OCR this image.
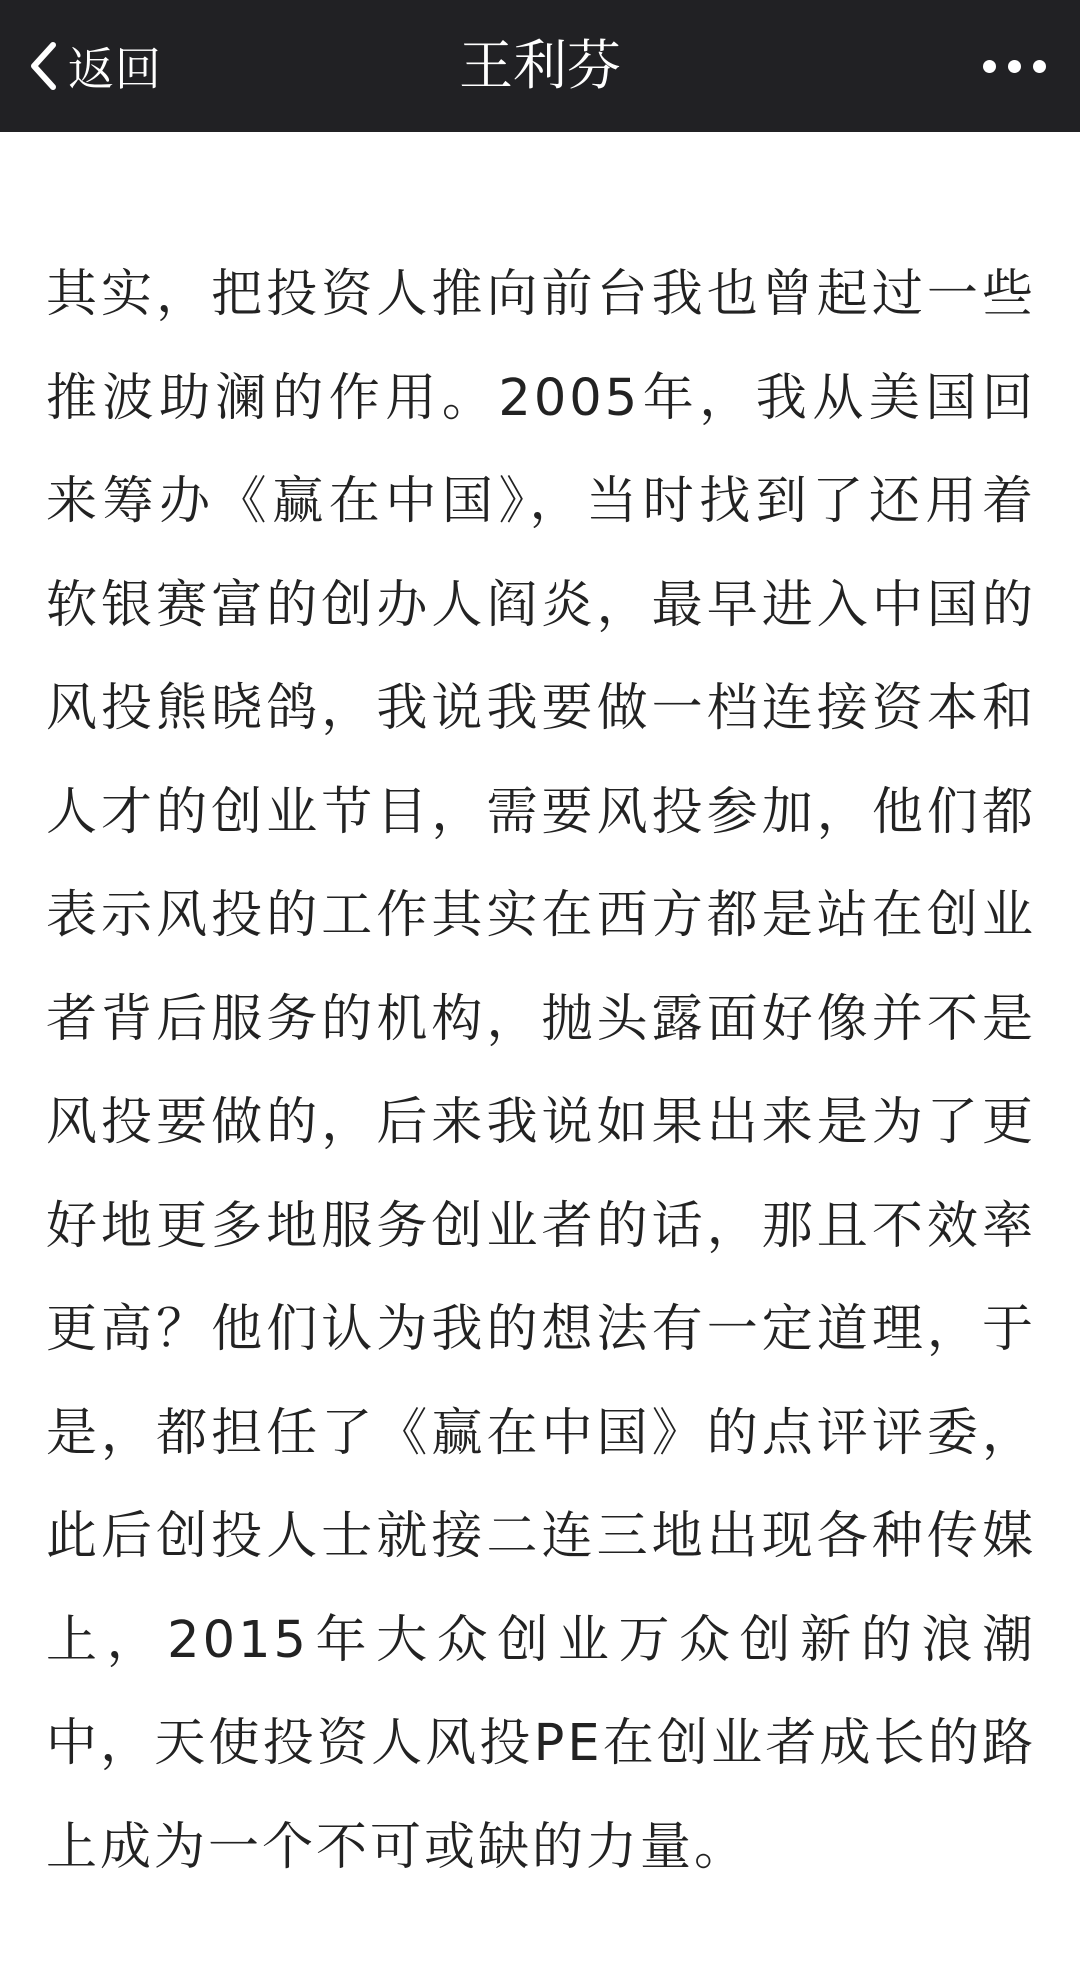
返回	王利芬

其实，把投资人推向前台我也曾起过一些推波助澜的作用。2005年，我从美国回来筹办《赢在中国》，当时找到了还用着软银赛富的创办人阎炎，最早进入中国的风投熊晓鸽，我说我要做一档连接资本和人才的创业节目，需要风投参加，他们都表示风投的工作其实在西方都是站在创业者背后服务的机构，抛头露面好像并不是风投要做的，后来我说如果出来是为了更好地更多地服务创业者的话，那且不效率更高？他们认为我的想法有一定道理，于是，都担任了《赢在中国》的点评评委，此后创投人士就接二连三地出现各种传媒上，2015年大众创业万众创新的浪潮中，天使投资人风投PE在创业者成长的路上成为一个不可或缺的力量。
